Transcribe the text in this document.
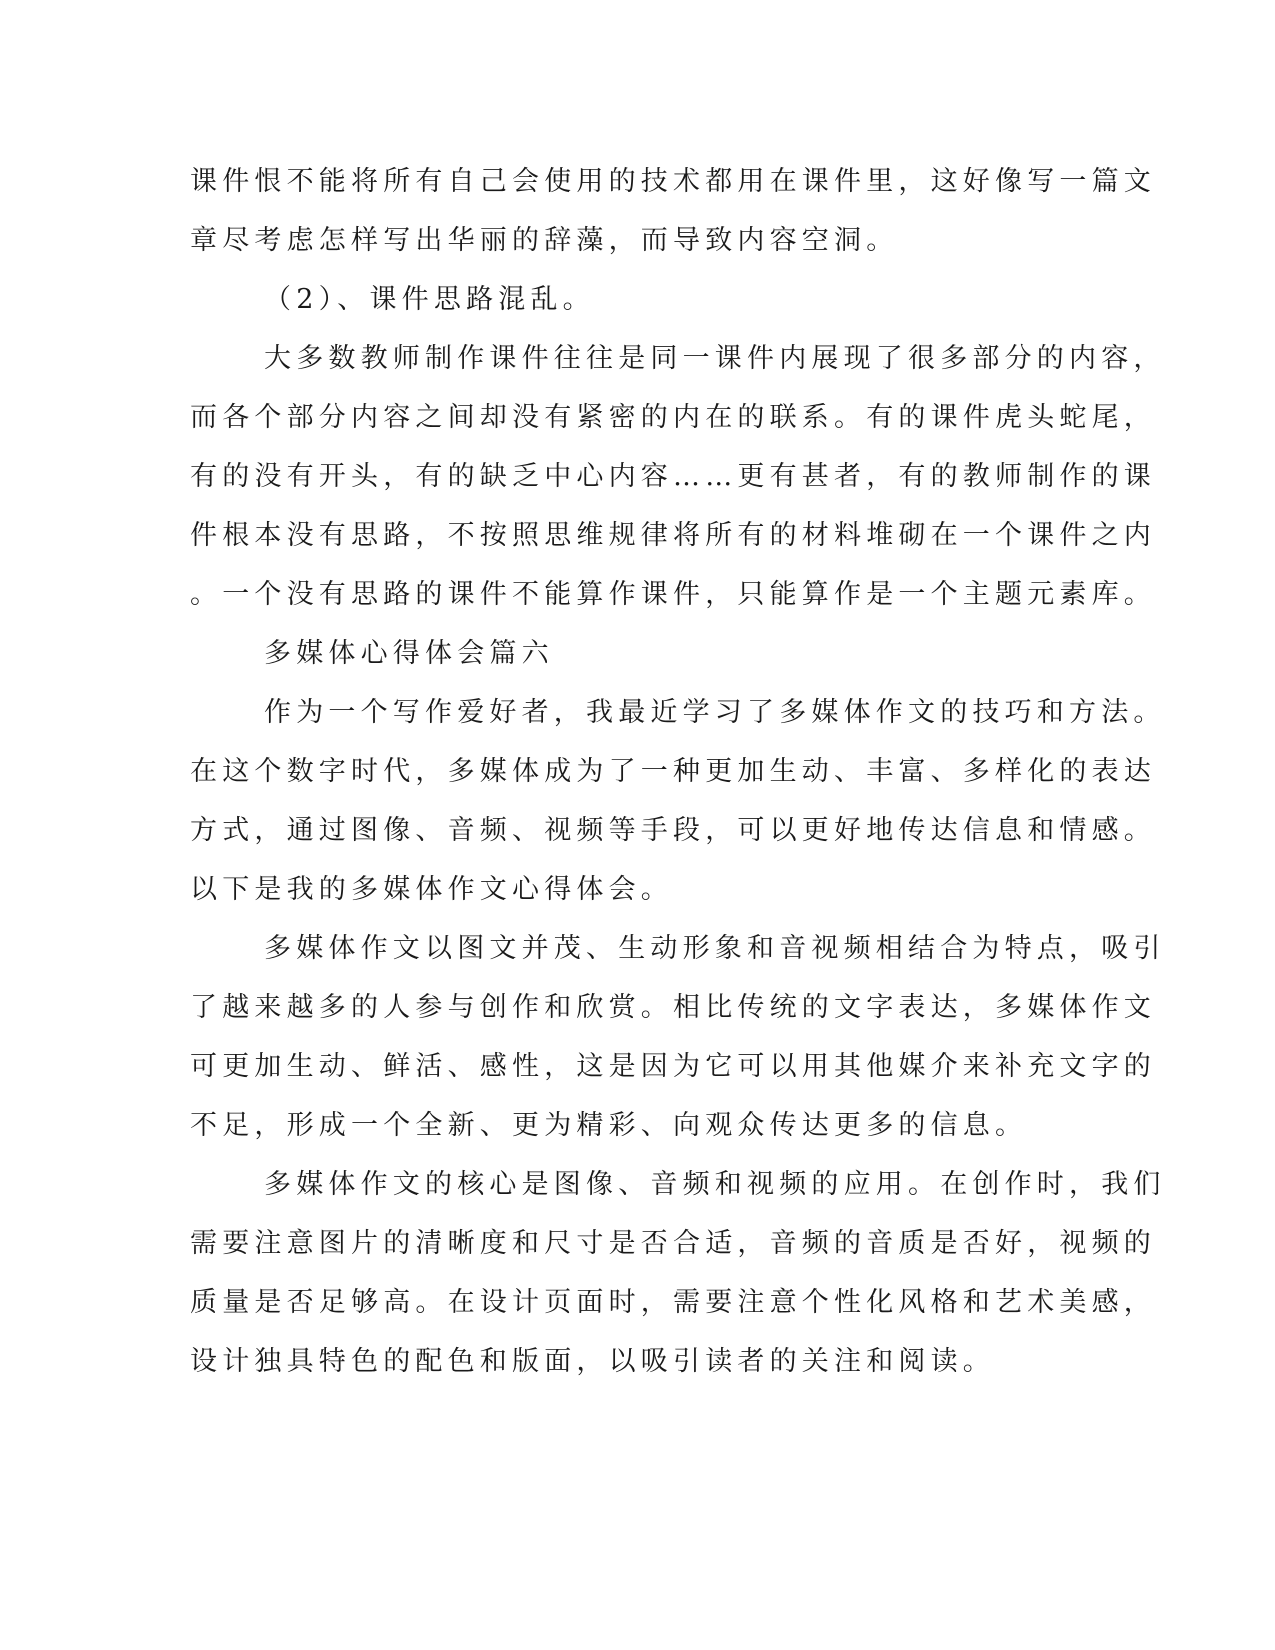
课件恨不能将所有自己会使用的技术都用在课件里，这好像写一篇文
章尽考虑怎样写出华丽的辞藻，而导致内容空洞。
（2）、课件思路混乱。
大多数教师制作课件往往是同一课件内展现了很多部分的内容，
而各个部分内容之间却没有紧密的内在的联系。有的课件虎头蛇尾，
有的没有开头，有的缺乏中心内容……更有甚者，有的教师制作的课
件根本没有思路，不按照思维规律将所有的材料堆砌在一个课件之内
。一个没有思路的课件不能算作课件，只能算作是一个主题元素库。
多媒体心得体会篇六
作为一个写作爱好者，我最近学习了多媒体作文的技巧和方法。
在这个数字时代，多媒体成为了一种更加生动、丰富、多样化的表达
方式，通过图像、音频、视频等手段，可以更好地传达信息和情感。
以下是我的多媒体作文心得体会。
多媒体作文以图文并茂、生动形象和音视频相结合为特点，吸引
了越来越多的人参与创作和欣赏。相比传统的文字表达，多媒体作文
可更加生动、鲜活、感性，这是因为它可以用其他媒介来补充文字的
不足，形成一个全新、更为精彩、向观众传达更多的信息。
多媒体作文的核心是图像、音频和视频的应用。在创作时，我们
需要注意图片的清晰度和尺寸是否合适，音频的音质是否好，视频的
质量是否足够高。在设计页面时，需要注意个性化风格和艺术美感，
设计独具特色的配色和版面，以吸引读者的关注和阅读。
